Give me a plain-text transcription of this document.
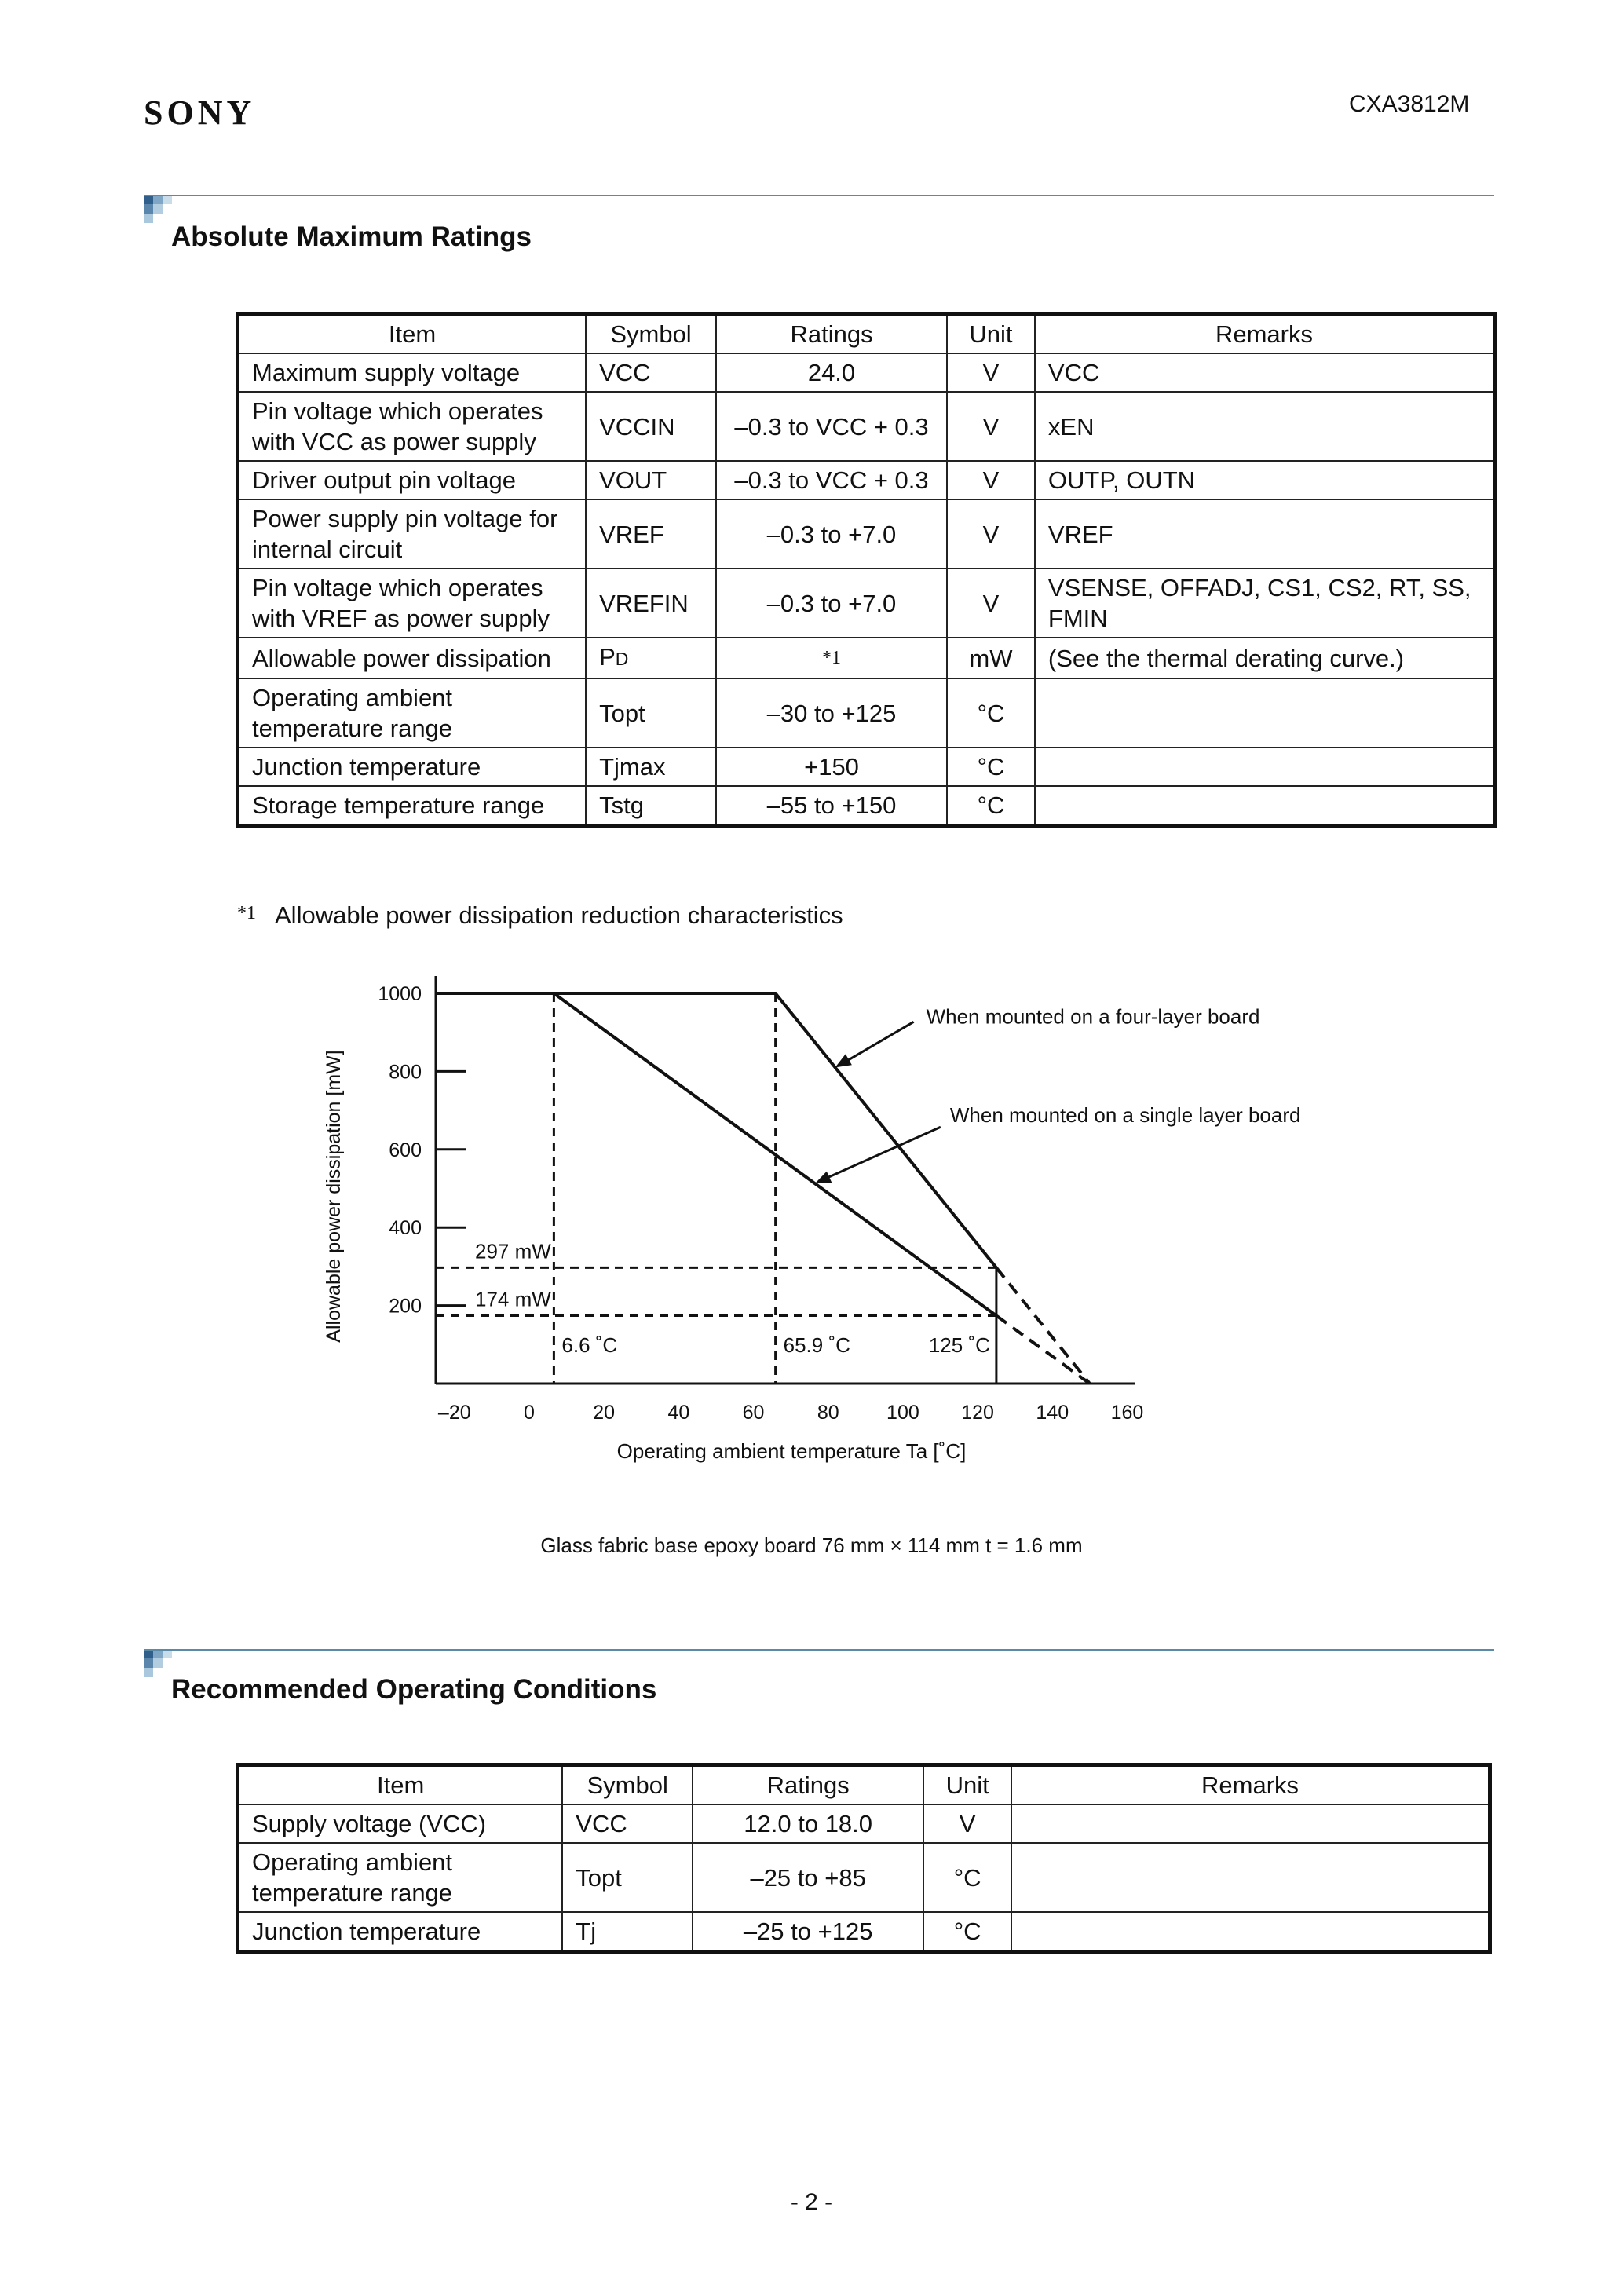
SONY	CXA3812M
Absolute Maximum Ratings
Item	Symbol	Ratings	Unit	Remarks
Maximum supply voltage	VCC	24.0	V	VCC
Pin voltage which operates with VCC as power supply	VCCIN	–0.3 to VCC + 0.3	V	xEN
Driver output pin voltage	VOUT	–0.3 to VCC + 0.3	V	OUTP, OUTN
Power supply pin voltage for internal circuit	VREF	–0.3 to +7.0	V	VREF
Pin voltage which operates with VREF as power supply	VREFIN	–0.3 to +7.0	V	VSENSE, OFFADJ, CS1, CS2, RT, SS, FMIN
Allowable power dissipation	PD	*1	mW	(See the thermal derating curve.)
Operating ambient temperature range	Topt	–30 to +125	°C	
Junction temperature	Tjmax	+150	°C	
Storage temperature range	Tstg	–55 to +150	°C	
*1 Allowable power dissipation reduction characteristics
200
400
600
800
1000
–20	0	20	40	60	80 100 120 140 160
Operating ambient temperature Ta [˚C]
Allowable power dissipation [mW]	297 mW
174 mW
6.6 ˚C	65.9 ˚C	125 ˚C
When mounted on a four-layer board
When mounted on a single layer board
Glass fabric base epoxy board 76 mm × 114 mm t = 1.6 mm
Recommended Operating Conditions
Item	Symbol	Ratings	Unit	Remarks
Supply voltage (VCC)	VCC	12.0 to 18.0	V	
Operating ambient temperature range	Topt	–25 to +85	°C	
Junction temperature	Tj	–25 to +125	°C	
- 2 -
